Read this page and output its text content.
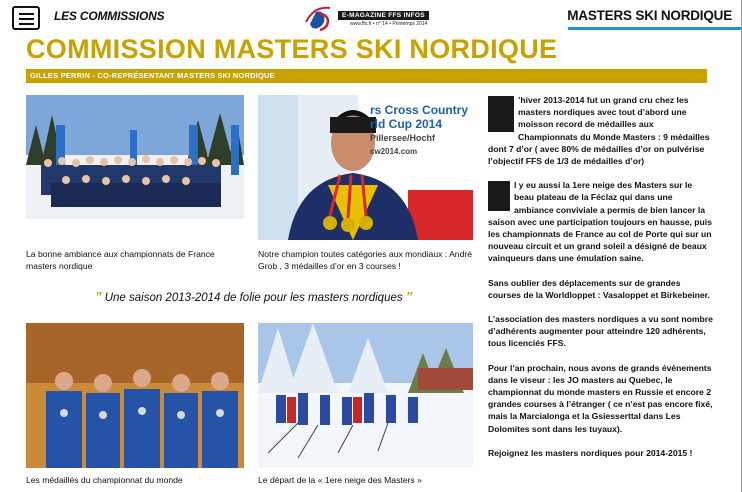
LES COMMISSIONS	E-MAGAZINE FFS INFOS
www.ffs.fr • n° 14 • Printemps 2014
MASTERS SKI NORDIQUE
COMMISSION MASTERS SKI NORDIQUE
GILLES PERRIN - CO-REPRÉSENTANT MASTERS SKI NORDIQUE
La bonne ambiance aux championnats de France masters nordique
rs Cross Country
rld Cup 2014
Pillersee/Hochf
cw2014.com
Notre champion toutes catégories aux mondiaux : André Grob , 3 médailles d’or en 3 courses !
” Une saison 2013-2014 de folie pour les masters nordiques ”
Les médaillés du championnat du monde	Le départ de la « 1ere neige des Masters »

’hiver 2013-2014 fut un grand cru chez les masters nordiques avec tout d’abord une moisson record de médailles aux Championnats du Monde Masters : 9 médailles dont 7 d’or ( avec 80% de médailles d’or on pulvérise l’objectif FFS de 1/3 de médailles d’or)

l y eu aussi la 1ere neige des Masters sur le beau plateau de la Féclaz qui dans une ambiance conviviale a permis de bien lancer la saison avec une participation toujours en hausse, puis les championnats de France au col de Porte qui sur un nouveau circuit et un grand soleil a désigné de beaux vainqueurs dans une émulation saine.

Sans oublier des déplacements sur de grandes courses de la Worldloppet : Vasaloppet et Birkebeiner.

L’association des masters nordiques a vu sont nombre d’adhérents augmenter pour atteindre 120 adhérents, tous licenciés FFS.

Pour l’an prochain, nous avons de grands évènements dans le viseur : les JO masters au Quebec, le championnat du monde masters en Russie et encore 2 grandes courses à l’étranger ( ce n’est pas encore fixé, mais la Marcialonga et la Gsiesserttal dans Les Dolomites sont dans les tuyaux).

Rejoignez les masters nordiques pour 2014-2015 !
